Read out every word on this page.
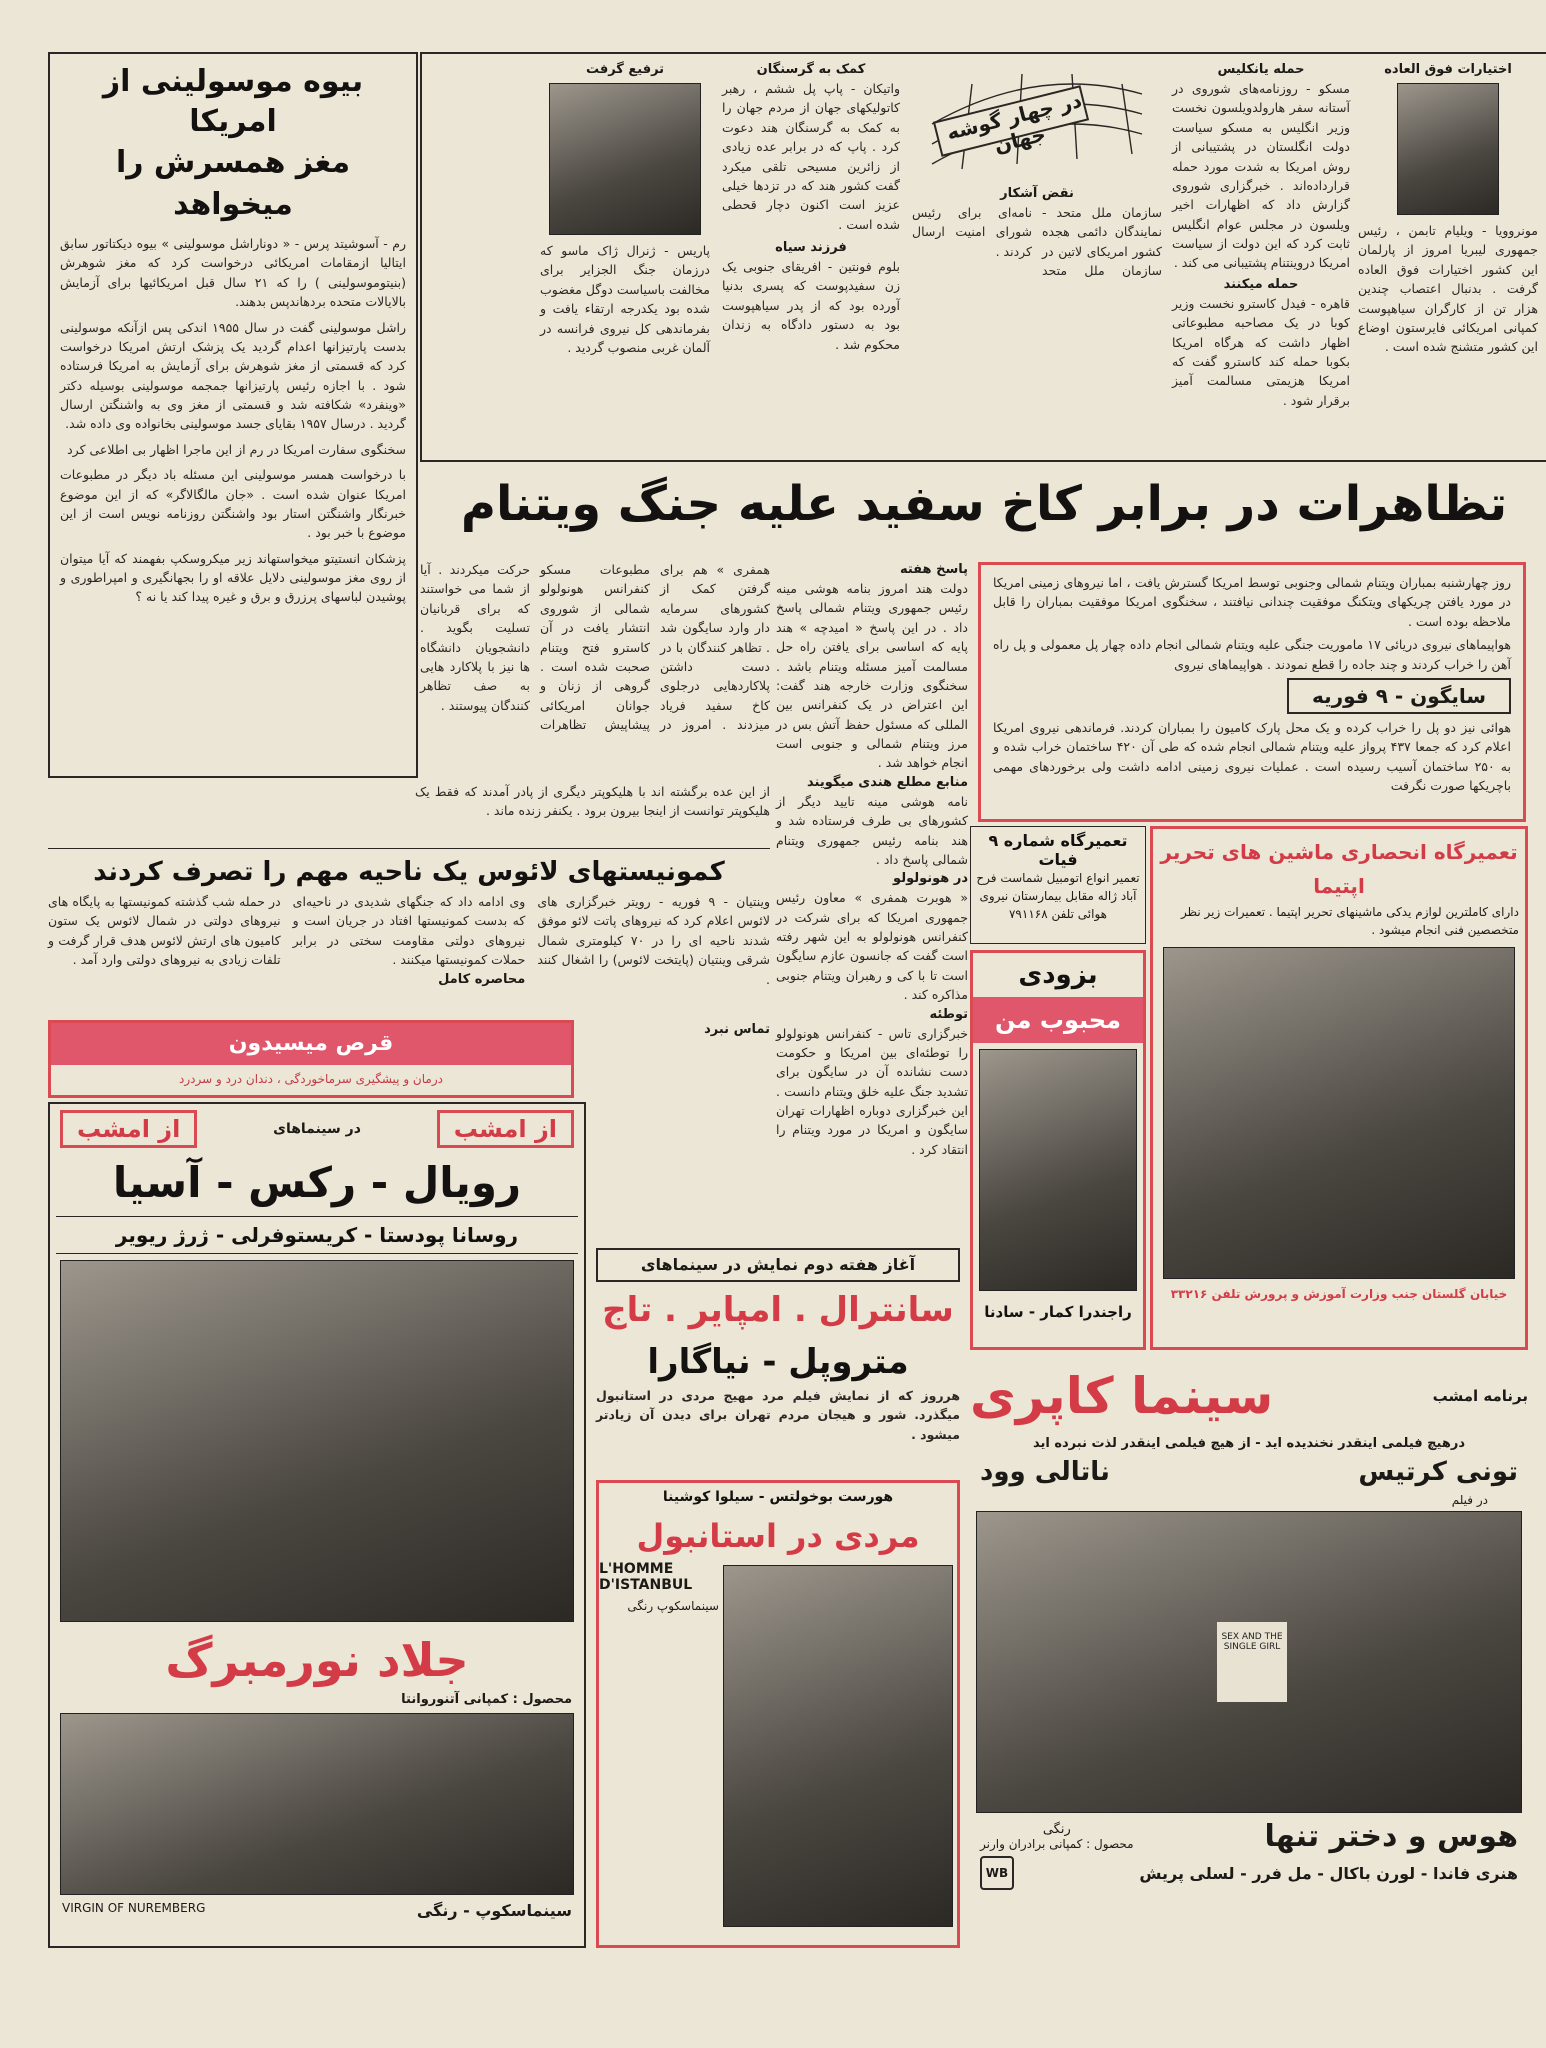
بیوه موسولینی از امریکا
مغز همسرش را میخواهد
رم - آسوشیتد پرس - « دوناراشل موسولینی » بیوه دیکتاتور سابق ایتالیا ازمقامات امریکائی درخواست کرد که مغز شوهرش (بنیتوموسولینی ) را که ۲۱ سال قبل امریکائیها برای آزمایش بالایالات متحده بردهاندپس بدهند.
راشل موسولینی گفت در سال ۱۹۵۵ اندکی پس ازآنکه موسولینی بدست پارتیزانها اعدام گردید یک پزشک ارتش امریکا درخواست کرد که قسمتی از مغز شوهرش برای آزمایش به امریکا فرستاده شود . با اجازه رئیس پارتیزانها جمجمه موسولینی بوسیله دکتر «وینفرد» شکافته شد و قسمتی از مغز وی به واشنگتن ارسال گردید . درسال ۱۹۵۷ بقایای جسد موسولینی بخانواده وی داده شد.
سخنگوی سفارت امریکا در رم از این ماجرا اظهار بی اطلاعی کرد
با درخواست همسر موسولینی این مسئله باد دیگر در مطبوعات امریکا عنوان شده است . «جان مالگالاگر» که از این موضوع خبرنگار واشنگتن استار بود واشنگتن روزنامه نویس است از این موضوع با خبر بود .
پزشکان انستیتو میخواستهاند زیر میکروسکپ بفهمند که آیا میتوان از روی مغز موسولینی دلایل علاقه او را بجهانگیری و امپراطوری و پوشیدن لباسهای پرزرق و برق و غیره پیدا کند یا نه ؟
اختیارات فوق العاده
مونروویا - ویلیام تابمن ، رئیس جمهوری لیبریا امروز از پارلمان این کشور اختیارات فوق العاده گرفت . بدنبال اعتصاب چندین هزار تن از کارگران سیاهپوست کمپانی امریکائی فایرستون اوضاع این کشور متشنج شده است .
حمله یانکلیس
مسکو - روزنامه‌های شوروی در آستانه سفر هارولدویلسون نخست وزیر انگلیس به مسکو سیاست دولت انگلستان در پشتیبانی از روش امریکا به شدت مورد حمله قرارداده‌اند . خبرگزاری شوروی گزارش داد که اظهارات اخیر ویلسون در مجلس عوام انگلیس ثابت کرد که این دولت از سیاست امریکا دروینتنام پشتیبانی می کند .
حمله میکنند
قاهره - فیدل کاسترو نخست وزیر کوبا در یک مصاحبه مطبوعاتی اظهار داشت که هرگاه امریکا بکوبا حمله کند کاسترو گفت که امریکا هزیمتی مسالمت آمیز برقرار شود .
در چهار گوشه جهان
نقض آشکار
سازمان ملل متحد - نمایندگان دائمی هجده کشور امریکای لاتین در سازمان ملل متحد نامه‌ای برای رئیس شورای امنیت ارسال کردند .
کمک به گرسنگان
واتیکان - پاپ پل ششم ، رهبر کاتولیکهای جهان از مردم جهان را به کمک به گرسنگان هند دعوت کرد . پاپ که در برابر عده زیادی از زائرین مسیحی تلقی میکرد گفت کشور هند که در تزدها خیلی عزیز است اکنون دچار قحطی شده است .
فرزند سیاه
بلوم فونتین - افریقای جنوبی یک زن سفیدپوست که پسری بدنیا آورده بود که از پدر سیاهپوست بود به دستور دادگاه به زندان محکوم شد .
ترفیع گرفت
پاریس - ژنرال ژاک ماسو که درزمان جنگ الجزایر برای مخالفت باسیاست دوگل مغضوب شده بود یکدرجه ارتقاء یافت و بفرماندهی کل نیروی فرانسه در آلمان غربی منصوب گردید .
تظاهرات در برابر کاخ سفید علیه جنگ ویتنام
روز چهارشنبه بمباران ویتنام شمالی وجنوبی توسط امریکا گسترش یافت ، اما نیروهای زمینی امریکا در مورد یافتن چریکهای ویتکنگ موفقیت چندانی نیافتند ، سخنگوی امریکا موفقیت بمباران را قابل ملاحظه بوده است .
هواپیماهای نیروی دریائی ۱۷ ماموریت جنگی علیه ویتنام شمالی انجام داده چهار پل معمولی و پل راه آهن را خراب کردند و چند جاده را قطع نمودند . هواپیماهای نیروی
سایگون - ۹ فوریه
هوائی نیز دو پل را خراب کرده و یک محل پارک کامیون را بمباران کردند. فرماندهی نیروی امریکا اعلام کرد که جمعا ۴۳۷ پرواز علیه ویتنام شمالی انجام شده که طی آن ۴۲۰ ساختمان خراب شده و به ۲۵۰ ساختمان آسیب رسیده است . عملیات نیروی زمینی ادامه داشت ولی برخوردهای مهمی باچریکها صورت نگرفت
پاسخ هفته
دولت هند امروز بنامه هوشی مینه رئیس جمهوری ویتنام شمالی پاسخ داد . در این پاسخ « امیدچه » هند پایه که اساسی برای یافتن راه حل مسالمت آمیز مسئله ویتنام باشد . سخنگوی وزارت خارجه هند گفت: این اعتراض در یک کنفرانس بین المللی که مسئول حفظ آتش بس در مرز ویتنام شمالی و جنوبی است انجام خواهد شد .
منابع مطلع هندی میگویند
نامه هوشی مینه تایید دیگر از کشورهای بی طرف فرستاده شد و هند بنامه رئیس جمهوری ویتنام شمالی پاسخ داد .
در هونولولو
« هوبرت همفری » معاون رئیس جمهوری امریکا که برای شرکت در کنفرانس هونولولو به این شهر رفته است گفت که جانسون عازم سایگون است تا با کی و رهبران ویتنام جنوبی مذاکره کند .
توطئه
خبرگزاری تاس - کنفرانس هونولولو را توطئه‌ای بین امریکا و حکومت دست نشانده آن در سایگون برای تشدید جنگ علیه خلق ویتنام دانست . این خبرگزاری دوباره اظهارات تهران سایگون و امریکا در مورد ویتنام را انتقاد کرد .
همفری » هم برای گرفتن کمک از کشورهای سرمایه دار وارد سایگون شد . تظاهر کنندگان با در دست داشتن پلاکاردهایی درجلوی کاخ سفید فریاد میزدند . امروز در مطبوعات مسکو کنفرانس هونولولو شمالی از شوروی انتشار یافت در آن کاسترو فتح ویتنام صحبت شده است . گروهی از زنان و جوانان امریکائی پیشاپیش تظاهرات حرکت میکردند . آیا از شما می خواستند که برای قربانیان تسلیت بگوید . دانشجویان دانشگاه ها نیز با پلاکارد هایی به صف تظاهر کنندگان پیوستند .
از این عده برگشته اند با هلیکوپتر دیگری از پادر آمدند که فقط یک هلیکوپتر توانست از اینجا بیرون برود . یکنفر زنده ماند .
کمونیستهای لائوس یک ناحیه مهم را تصرف کردند
وینتیان - ۹ فوریه - رویتر خبرگزاری های لائوس اعلام کرد که نیروهای پاتت لائو موفق شدند ناحیه ای را در ۷۰ کیلومتری شمال شرقی وینتیان (پایتخت لائوس) را اشغال کنند .
وی ادامه داد که جنگهای شدیدی در ناحیه‌ای که بدست کمونیستها افتاد در جریان است و نیروهای دولتی مقاومت سختی در برابر حملات کمونیستها میکنند .
محاصره کامل
در حمله شب گذشته کمونیستها به پایگاه های نیروهای دولتی در شمال لائوس یک ستون کامیون های ارتش لائوس هدف قرار گرفت و تلفات زیادی به نیروهای دولتی وارد آمد .
قرص میسیدون
درمان و پیشگیری سرماخوردگی ، دندان درد و سردرد
تماس نبرد
از امشب
در سینماهای
از امشب
رویال - رکس - آسیا
روسانا پودستا - کریستوفرلی - ژرژ ریویر
جلاد نورمبرگ
محصول : کمپانی آتنوروانتا
سینماسکوپ - رنگی
VIRGIN OF NUREMBERG
آغاز هفته دوم نمایش در سینماهای
سانترال . امپایر . تاج
متروپل - نیاگارا
هرروز که از نمایش فیلم مرد مهیج مردی در استانبول میگذرد. شور و هیجان مردم تهران برای دیدن آن زیادتر میشود .
هورست بوخولتس - سیلوا کوشینا
مردی در استانبول
L'HOMME D'ISTANBUL
سینماسکوپ رنگی
تعمیرگاه شماره ۹ فیات
تعمیر انواع اتومبیل شماست فرح آباد ژاله مقابل بیمارستان نیروی هوائی تلفن ۷۹۱۱۶۸
بزودی
محبوب من
راجندرا کمار - سادنا
تعمیرگاه انحصاری ماشین های تحریر اپتیما
دارای کاملترین لوازم یدکی ماشینهای تحریر اپتیما . تعمیرات زیر نظر متخصصین فنی انجام میشود .
خیابان گلستان جنب وزارت آموزش و پرورش تلفن ۳۳۲۱۶
برنامه امشب
سینما کاپری
درهیچ فیلمی اینقدر نخندیده اید - از هیچ فیلمی اینقدر لذت نبرده اید
تونی کرتیس
ناتالی وود
در فیلم
SEX AND THE SINGLE GIRL
هوس و دختر تنها
رنگی
محصول : کمپانی برادران وارنر
هنری فاندا - لورن باکال - مل فرر - لسلی پریش
WB
